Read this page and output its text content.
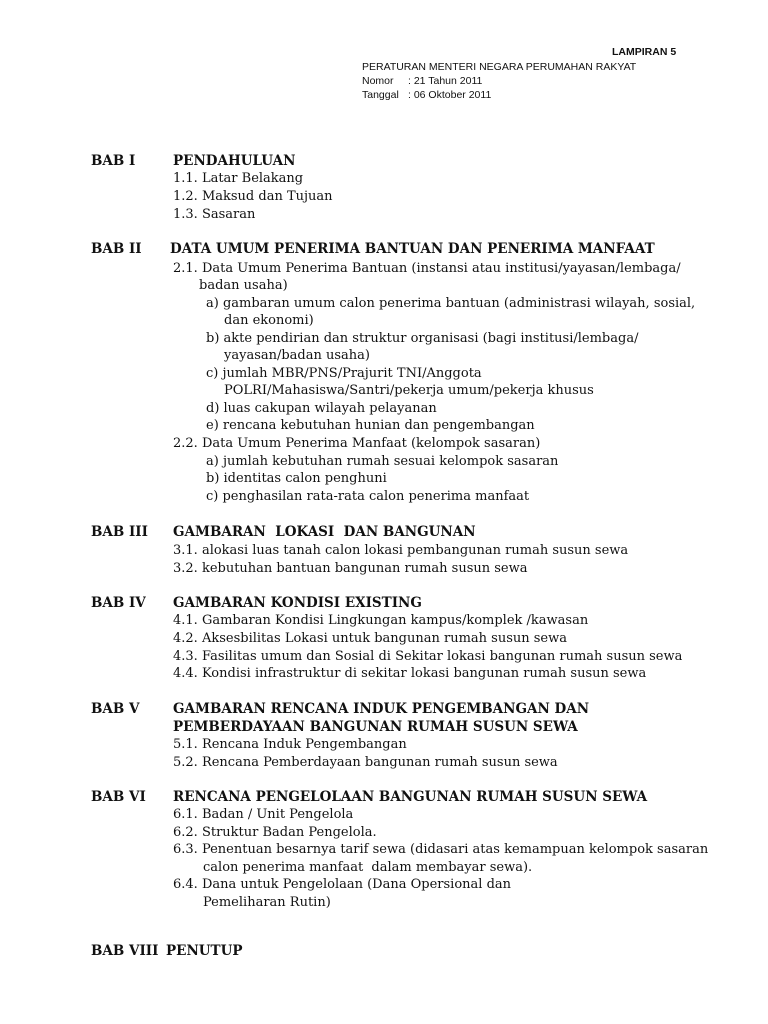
LAMPIRAN 5
PERATURAN MENTERI NEGARA PERUMAHAN RAKYAT
Nomor : 21 Tahun 2011
Tanggal : 06 Oktober 2011
BAB I	PENDAHULUAN
1.1. Latar Belakang
1.2. Maksud dan Tujuan
1.3. Sasaran
BAB II DATA UMUM PENERIMA BANTUAN DAN PENERIMA MANFAAT
2.1. Data Umum Penerima Bantuan (instansi atau institusi/yayasan/lembaga/
badan usaha)
a) gambaran umum calon penerima bantuan (administrasi wilayah, sosial,
dan ekonomi)
b) akte pendirian dan struktur organisasi (bagi institusi/lembaga/
yayasan/badan usaha)
c) jumlah MBR/PNS/Prajurit TNI/Anggota
POLRI/Mahasiswa/Santri/pekerja umum/pekerja khusus
d) luas cakupan wilayah pelayanan
e) rencana kebutuhan hunian dan pengembangan
2.2. Data Umum Penerima Manfaat (kelompok sasaran)
a) jumlah kebutuhan rumah sesuai kelompok sasaran
b) identitas calon penghuni
c) penghasilan rata-rata calon penerima manfaat
BAB III GAMBARAN  LOKASI  DAN BANGUNAN
3.1. alokasi luas tanah calon lokasi pembangunan rumah susun sewa
3.2. kebutuhan bantuan bangunan rumah susun sewa
BAB IV GAMBARAN KONDISI EXISTING
4.1. Gambaran Kondisi Lingkungan kampus/komplek /kawasan
4.2. Aksesbilitas Lokasi untuk bangunan rumah susun sewa
4.3. Fasilitas umum dan Sosial di Sekitar lokasi bangunan rumah susun sewa
4.4. Kondisi infrastruktur di sekitar lokasi bangunan rumah susun sewa
BAB V GAMBARAN RENCANA INDUK PENGEMBANGAN DAN
PEMBERDAYAAN BANGUNAN RUMAH SUSUN SEWA
5.1. Rencana Induk Pengembangan
5.2. Rencana Pemberdayaan bangunan rumah susun sewa
BAB VI RENCANA PENGELOLAAN BANGUNAN RUMAH SUSUN SEWA
6.1. Badan / Unit Pengelola
6.2. Struktur Badan Pengelola.
6.3. Penentuan besarnya tarif sewa (didasari atas kemampuan kelompok sasaran
calon penerima manfaat  dalam membayar sewa).
6.4. Dana untuk Pengelolaan (Dana Opersional dan
Pemeliharan Rutin)
BAB VIII PENUTUP
